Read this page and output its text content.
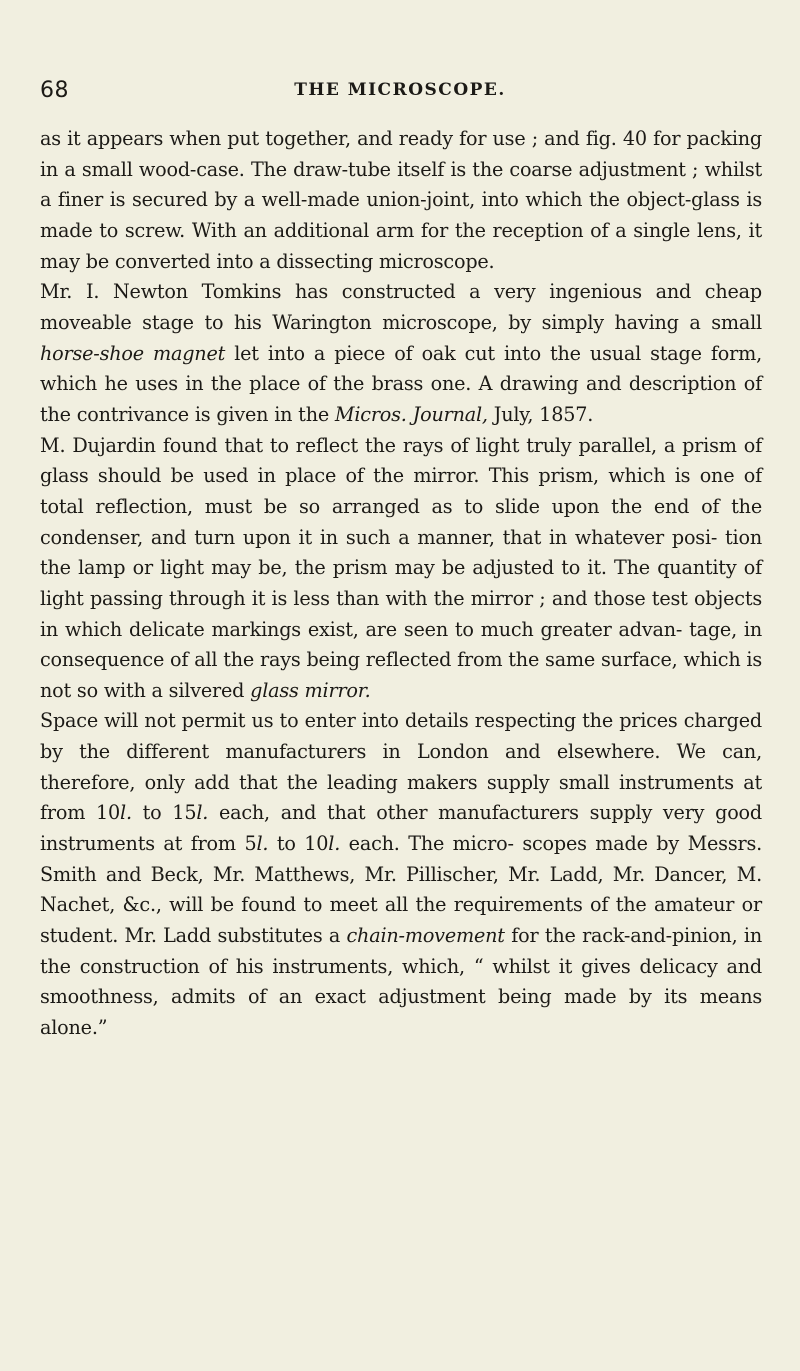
68	THE MICROSCOPE.

as it appears when put together, and ready for use ; and fig. 40 for packing in a small wood-case. The draw-tube itself is the coarse adjustment ; whilst a finer is secured by a well-made union-joint, into which the object-glass is made to screw. With an additional arm for the reception of a single lens, it may be converted into a dissecting microscope.

Mr. I. Newton Tomkins has constructed a very ingenious and cheap moveable stage to his Warington microscope, by simply having a small horse-shoe magnet let into a piece of oak cut into the usual stage form, which he uses in the place of the brass one. A drawing and description of the contrivance is given in the Micros. Journal, July, 1857.

M. Dujardin found that to reflect the rays of light truly parallel, a prism of glass should be used in place of the mirror. This prism, which is one of total reflection, must be so arranged as to slide upon the end of the condenser, and turn upon it in such a manner, that in whatever posi- tion the lamp or light may be, the prism may be adjusted to it. The quantity of light passing through it is less than with the mirror ; and those test objects in which delicate markings exist, are seen to much greater advan- tage, in consequence of all the rays being reflected from the same surface, which is not so with a silvered glass mirror.

Space will not permit us to enter into details respecting the prices charged by the different manufacturers in London and elsewhere. We can, therefore, only add that the leading makers supply small instruments at from 10l. to 15l. each, and that other manufacturers supply very good instruments at from 5l. to 10l. each. The micro- scopes made by Messrs. Smith and Beck, Mr. Matthews, Mr. Pillischer, Mr. Ladd, Mr. Dancer, M. Nachet, &c., will be found to meet all the requirements of the amateur or student. Mr. Ladd substitutes a chain-movement for the rack-and-pinion, in the construction of his instruments, which, “ whilst it gives delicacy and smoothness, admits of an exact adjustment being made by its means alone.”
